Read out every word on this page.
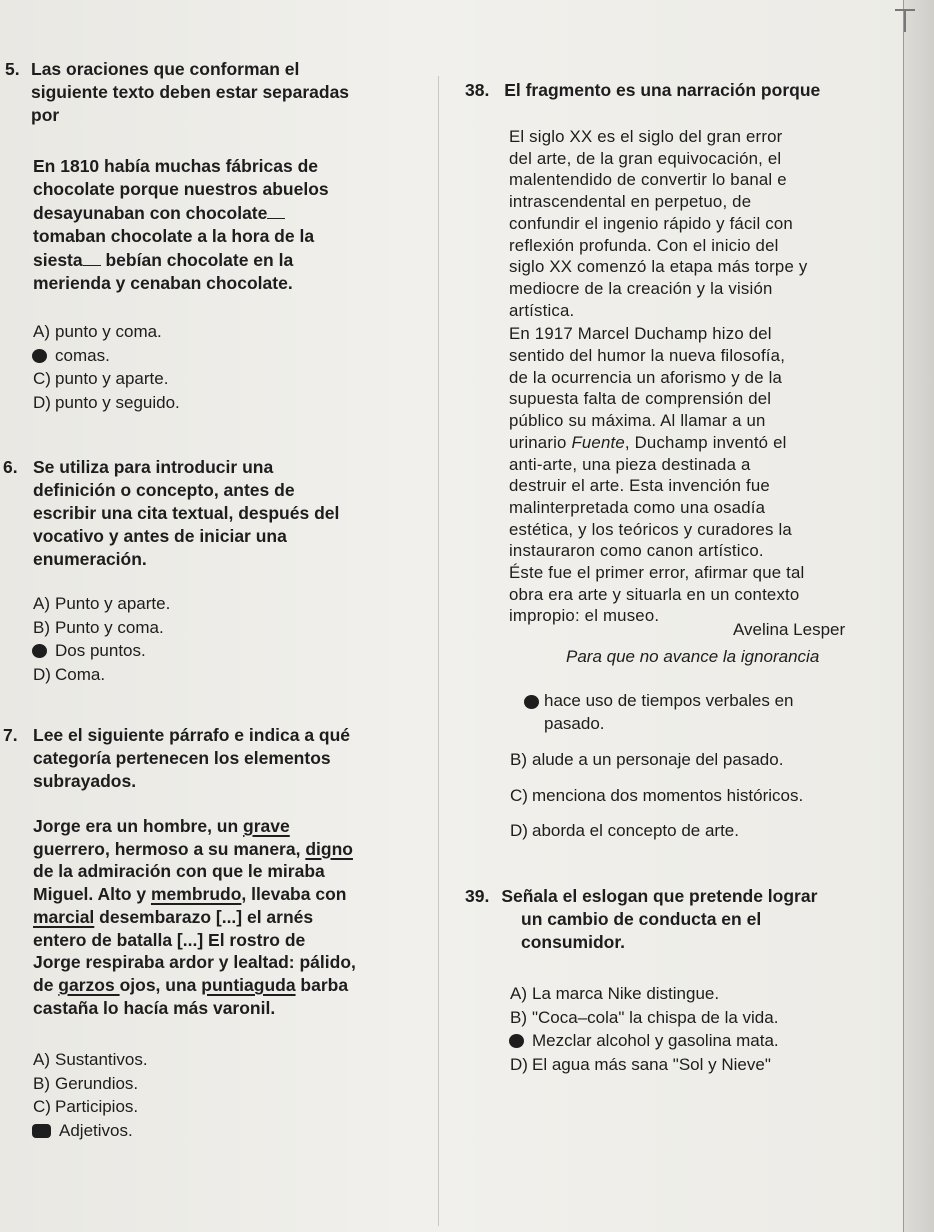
5. Las oraciones que conforman el
siguiente texto deben estar separadas
por
En 1810 había muchas fábricas de
chocolate porque nuestros abuelos
desayunaban con chocolate
tomaban chocolate a la hora de la
siesta bebían chocolate en la
merienda y cenaban chocolate.
A) punto y coma.
comas.
C) punto y aparte.
D) punto y seguido.
6. Se utiliza para introducir una
definición o concepto, antes de
escribir una cita textual, después del
vocativo y antes de iniciar una
enumeración.
A) Punto y aparte.
B) Punto y coma.
Dos puntos.
D) Coma.
7. Lee el siguiente párrafo e indica a qué
categoría pertenecen los elementos
subrayados.
Jorge era un hombre, un grave
guerrero, hermoso a su manera, digno
de la admiración con que le miraba
Miguel. Alto y membrudo, llevaba con
marcial desembarazo [...] el arnés
entero de batalla [...] El rostro de
Jorge respiraba ardor y lealtad: pálido,
de garzos ojos, una puntiaguda barba
castaña lo hacía más varonil.
A) Sustantivos.
B) Gerundios.
C) Participios.
Adjetivos.
38. El fragmento es una narración porque
El siglo XX es el siglo del gran error
del arte, de la gran equivocación, el
malentendido de convertir lo banal e
intrascendental en perpetuo, de
confundir el ingenio rápido y fácil con
reflexión profunda. Con el inicio del
siglo XX comenzó la etapa más torpe y
mediocre de la creación y la visión
artística.
En 1917 Marcel Duchamp hizo del
sentido del humor la nueva filosofía,
de la ocurrencia un aforismo y de la
supuesta falta de comprensión del
público su máxima. Al llamar a un
urinario Fuente, Duchamp inventó el
anti-arte, una pieza destinada a
destruir el arte. Esta invención fue
malinterpretada como una osadía
estética, y los teóricos y curadores la
instauraron como canon artístico.
Éste fue el primer error, afirmar que tal
obra era arte y situarla en un contexto
impropio: el museo.
Avelina Lesper
Para que no avance la ignorancia
hace uso de tiempos verbales en
pasado.
B) alude a un personaje del pasado.
C) menciona dos momentos históricos.
D) aborda el concepto de arte.
39. Señala el eslogan que pretende lograr
un cambio de conducta en el
consumidor.
A) La marca Nike distingue.
B) "Coca–cola" la chispa de la vida.
Mezclar alcohol y gasolina mata.
D) El agua más sana "Sol y Nieve"
